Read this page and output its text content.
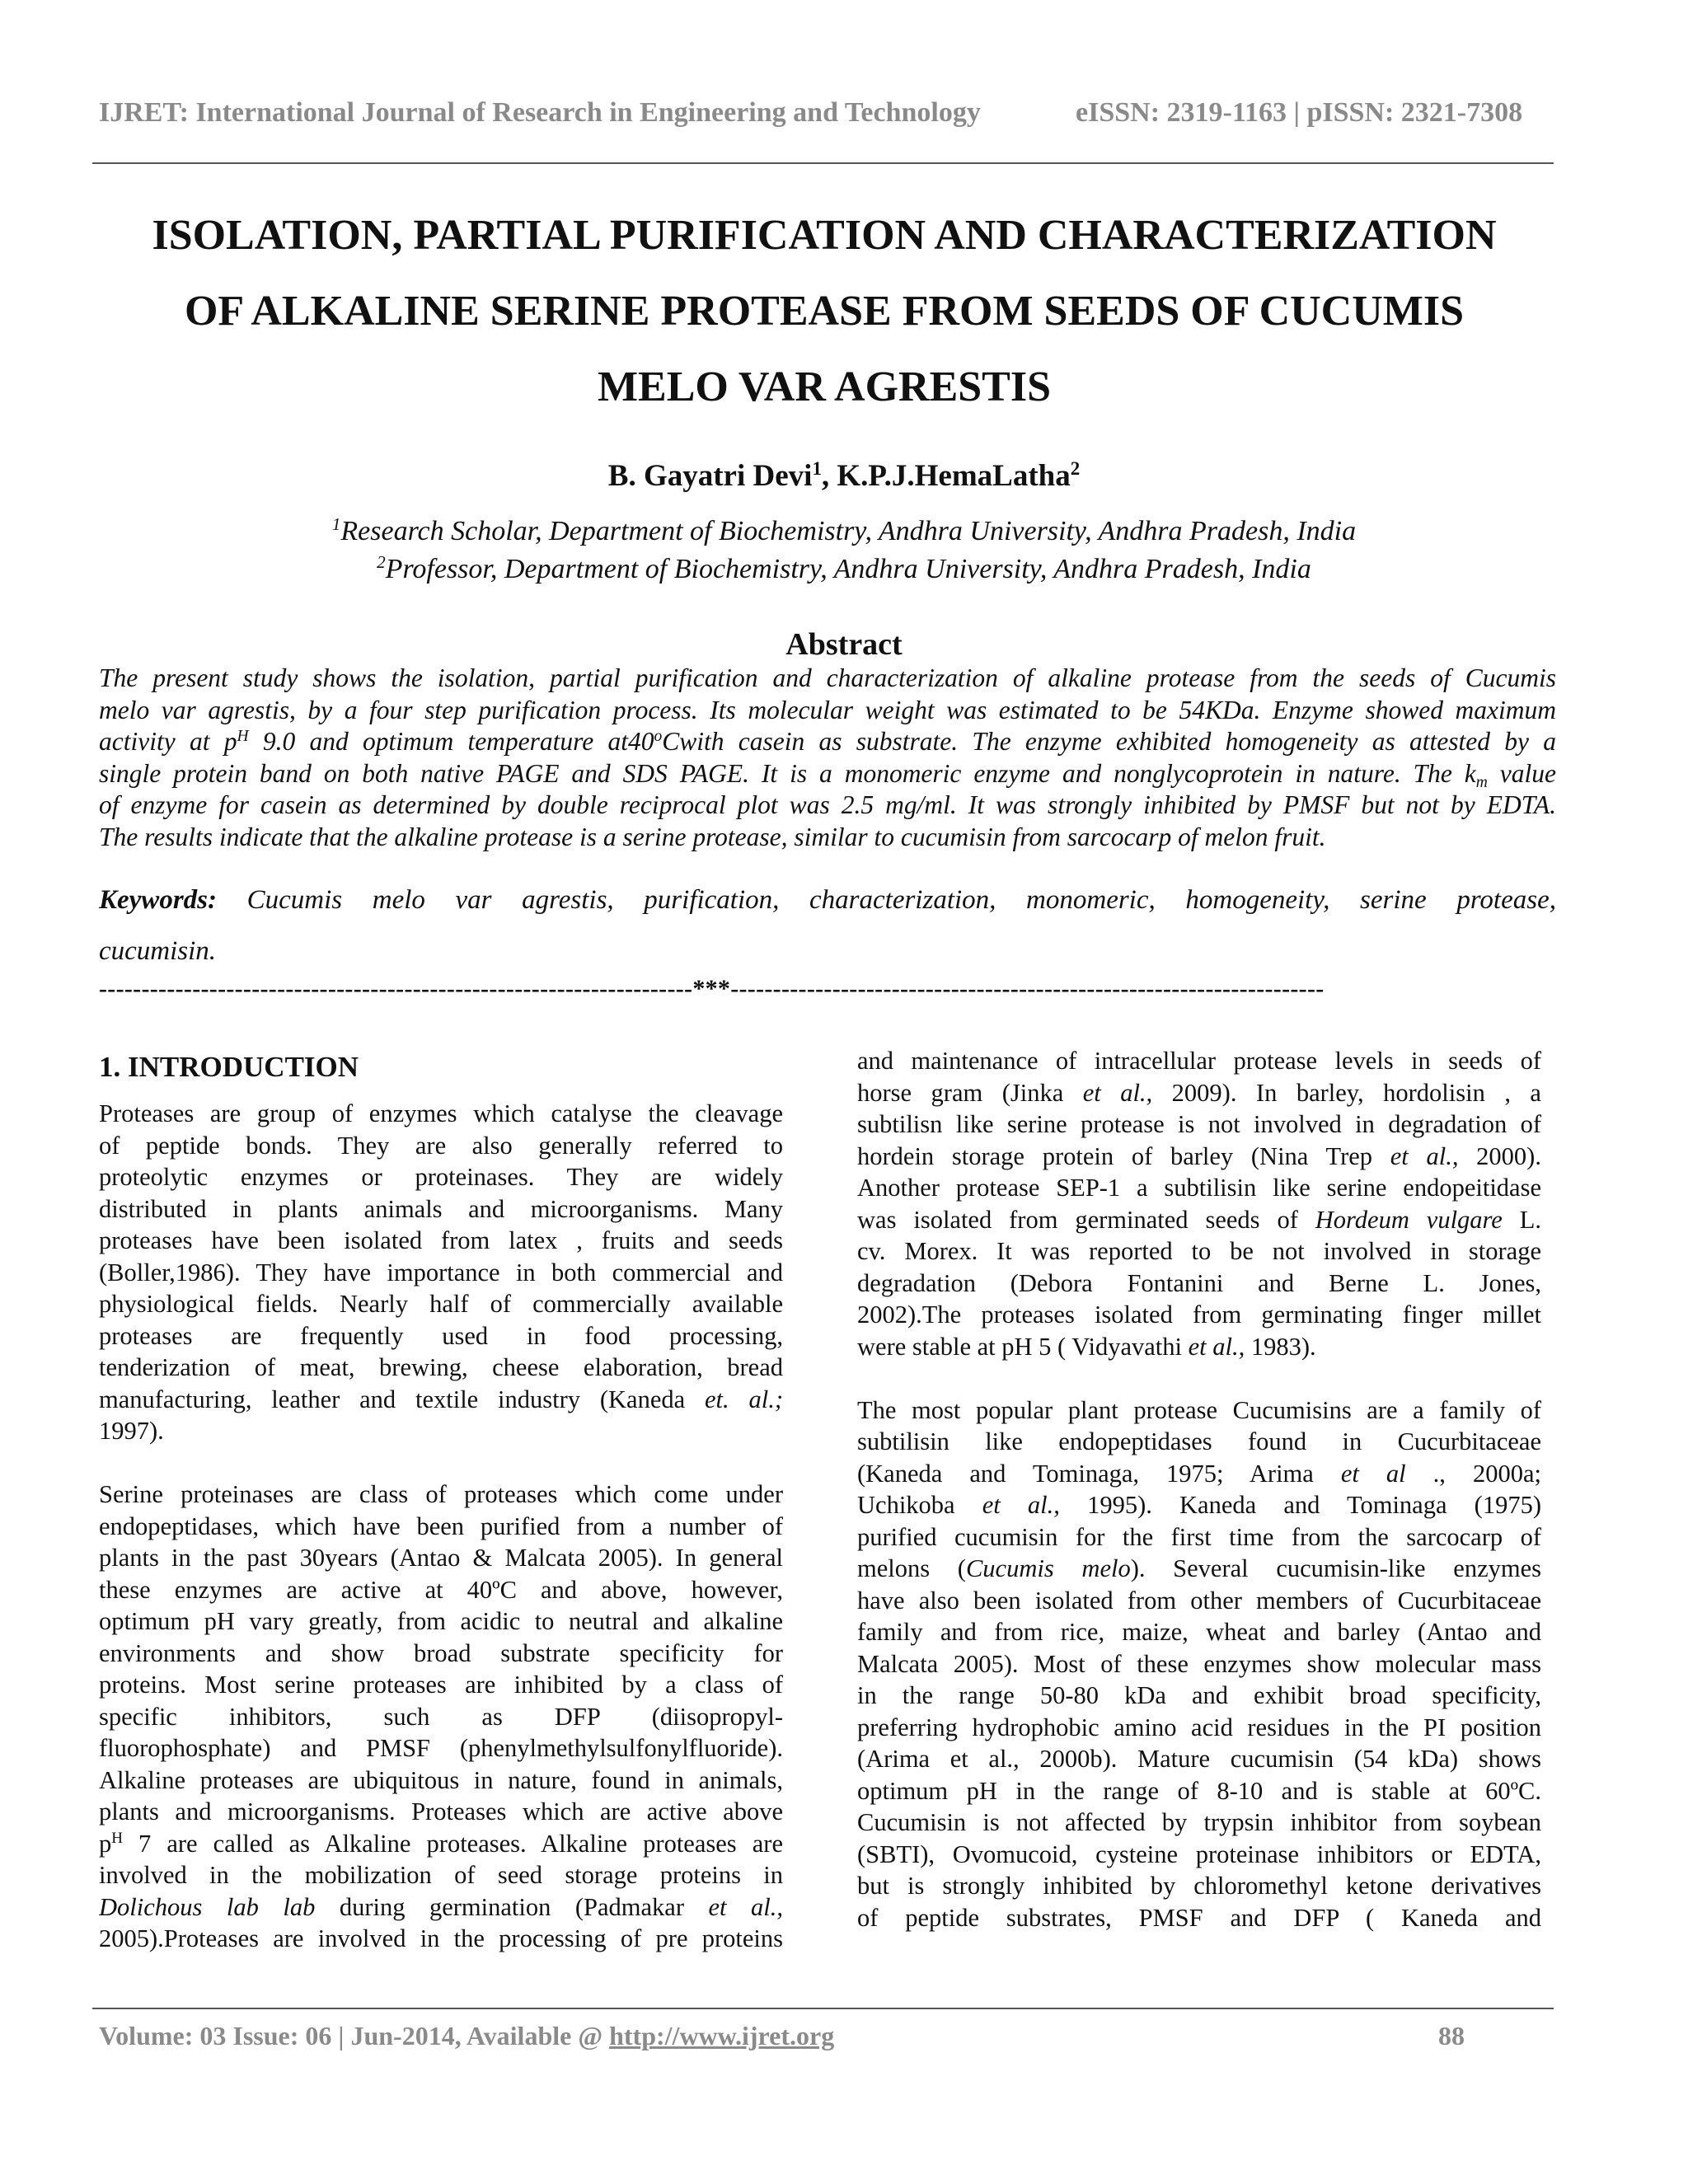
IJRET: International Journal of Research in Engineering and Technology	eISSN: 2319-1163 | pISSN: 2321-7308
ISOLATION, PARTIAL PURIFICATION AND CHARACTERIZATION
OF ALKALINE SERINE PROTEASE FROM SEEDS OF CUCUMIS
MELO VAR AGRESTIS
B. Gayatri Devi$^1$, K.P.J.HemaLatha$^2$
$^1$Research Scholar, Department of Biochemistry, Andhra University, Andhra Pradesh, India
$^2$Professor, Department of Biochemistry, Andhra University, Andhra Pradesh, India
Abstract
The present study shows the isolation, partial purification and characterization of alkaline protease from the seeds of Cucumis
melo var agrestis, by a four step purification process. Its molecular weight was estimated to be 54KDa. Enzyme showed maximum
activity at $p^H$ 9.0 and optimum temperature at40$^o$Cwith casein as substrate. The enzyme exhibited homogeneity as attested by a
single protein band on both native PAGE and SDS PAGE. It is a monomeric enzyme and nonglycoprotein in nature. The $k_m$ value
of enzyme for casein as determined by double reciprocal plot was 2.5 mg/ml. It was strongly inhibited by PMSF but not by EDTA.
The results indicate that the alkaline protease is a serine protease, similar to cucumisin from sarcocarp of melon fruit.
Keywords: Cucumis melo var agrestis, purification, characterization, monomeric, homogeneity, serine protease,
cucumisin.
----------------------------------------------------------------------***----------------------------------------------------------------------
1. INTRODUCTION
Proteases are group of enzymes which catalyse the cleavage
of peptide bonds. They are also generally referred to
proteolytic enzymes or proteinases. They are widely
distributed in plants animals and microorganisms. Many
proteases have been isolated from latex , fruits and seeds
(Boller,1986). They have importance in both commercial and
physiological fields. Nearly half of commercially available
proteases are frequently used in food processing,
tenderization of meat, brewing, cheese elaboration, bread
manufacturing, leather and textile industry (Kaneda et. al.;
1997).
Serine proteinases are class of proteases which come under
endopeptidases, which have been purified from a number of
plants in the past 30years (Antao & Malcata 2005). In general
these enzymes are active at 40ºC and above, however,
optimum pH vary greatly, from acidic to neutral and alkaline
environments and show broad substrate specificity for
proteins. Most serine proteases are inhibited by a class of
specific inhibitors, such as DFP (diisopropyl-
fluorophosphate) and PMSF (phenylmethylsulfonylfluoride).
Alkaline proteases are ubiquitous in nature, found in animals,
plants and microorganisms. Proteases which are active above
$p^H$ 7 are called as Alkaline proteases. Alkaline proteases are
involved in the mobilization of seed storage proteins in
Dolichous lab lab during germination (Padmakar et al.,
2005).Proteases are involved in the processing of pre proteins
and maintenance of intracellular protease levels in seeds of
horse gram (Jinka et al., 2009). In barley, hordolisin , a
subtilisn like serine protease is not involved in degradation of
hordein storage protein of barley (Nina Trep et al., 2000).
Another protease SEP-1 a subtilisin like serine endopeitidase
was isolated from germinated seeds of Hordeum vulgare L.
cv. Morex. It was reported to be not involved in storage
degradation (Debora Fontanini and Berne L. Jones,
2002).The proteases isolated from germinating finger millet
were stable at pH 5 ( Vidyavathi et al., 1983).
The most popular plant protease Cucumisins are a family of
subtilisin like endopeptidases found in Cucurbitaceae
(Kaneda and Tominaga, 1975; Arima et al ., 2000a;
Uchikoba et al., 1995). Kaneda and Tominaga (1975)
purified cucumisin for the first time from the sarcocarp of
melons (Cucumis melo). Several cucumisin-like enzymes
have also been isolated from other members of Cucurbitaceae
family and from rice, maize, wheat and barley (Antao and
Malcata 2005). Most of these enzymes show molecular mass
in the range 50-80 kDa and exhibit broad specificity,
preferring hydrophobic amino acid residues in the PI position
(Arima et al., 2000b). Mature cucumisin (54 kDa) shows
optimum pH in the range of 8-10 and is stable at 60ºC.
Cucumisin is not affected by trypsin inhibitor from soybean
(SBTI), Ovomucoid, cysteine proteinase inhibitors or EDTA,
but is strongly inhibited by chloromethyl ketone derivatives
of peptide substrates, PMSF and DFP ( Kaneda and
Volume: 03 Issue: 06 | Jun-2014, Available @ http://www.ijret.org	88
